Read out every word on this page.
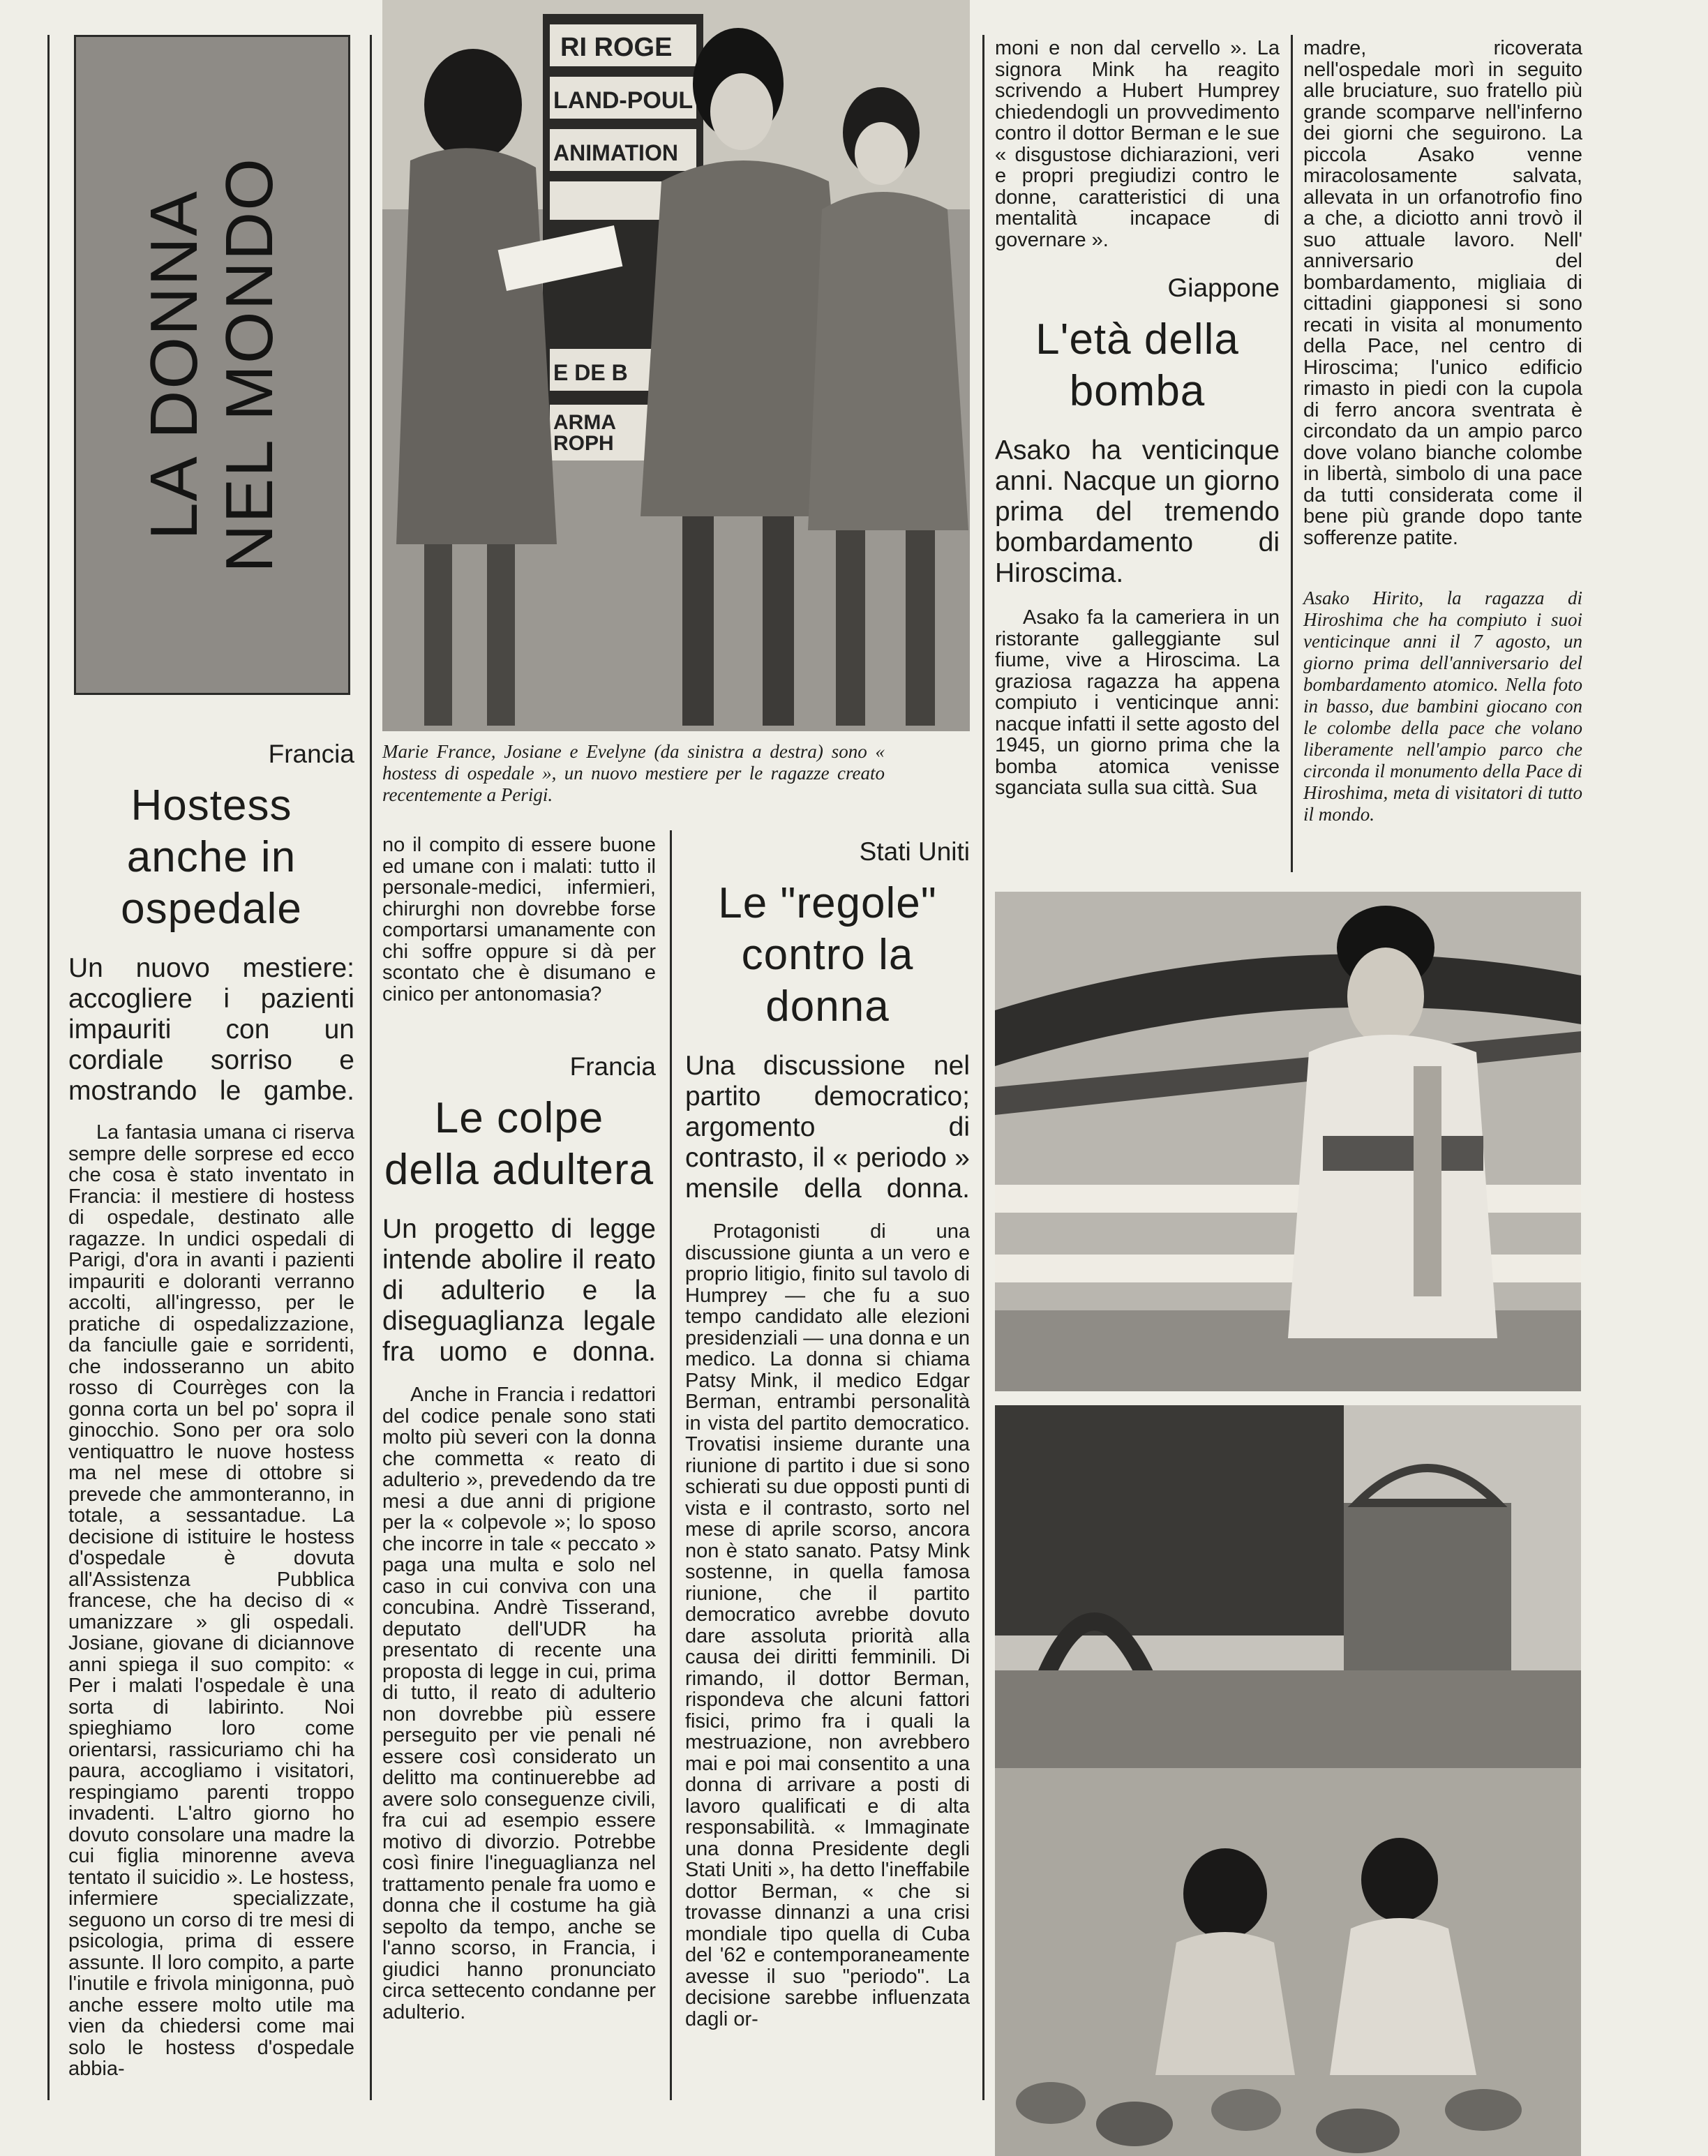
LA DONNA NEL MONDO
RI ROGE
LAND-POUL
ANIMATION
E DE B
ARMA
ROPH
Marie France, Josiane e Evelyne (da sinistra a destra) sono « hostess di ospedale », un nuovo mestiere per le ragazze creato recentemente a Perigi.
Francia
Hostess anche in ospedale
Un nuovo mestiere: accogliere i pazienti impauriti con un cordiale sorriso e mostrando le gambe.

La fantasia umana ci riserva sempre delle sorprese ed ecco che cosa è stato inventato in Francia: il mestiere di hostess di ospedale, destinato alle ragazze. In undici ospedali di Parigi, d'ora in avanti i pazienti impauriti e doloranti verranno accolti, all'ingresso, per le pratiche di ospedalizzazione, da fanciulle gaie e sorridenti, che indosseranno un abito rosso di Courrèges con la gonna corta un bel po' sopra il ginocchio. Sono per ora solo ventiquattro le nuove hostess ma nel mese di ottobre si prevede che ammonteranno, in totale, a sessantadue. La decisione di istituire le hostess d'ospedale è dovuta all'Assistenza Pubblica francese, che ha deciso di « umanizzare » gli ospedali. Josiane, giovane di diciannove anni spiega il suo compito: « Per i malati l'ospedale è una sorta di labirinto. Noi spieghiamo loro come orientarsi, rassicuriamo chi ha paura, accogliamo i visitatori, respingiamo parenti troppo invadenti. L'altro giorno ho dovuto consolare una madre la cui figlia minorenne aveva tentato il suicidio ». Le hostess, infermiere specializzate, seguono un corso di tre mesi di psicologia, prima di essere assunte. Il loro compito, a parte l'inutile e frivola minigonna, può anche essere molto utile ma vien da chiedersi come mai solo le hostess d'ospedale abbia-

no il compito di essere buone ed umane con i malati: tutto il personale-medici, infermieri, chirurghi non dovrebbe forse comportarsi umanamente con chi soffre oppure si dà per scontato che è disumano e cinico per antonomasia?

Francia
Le colpe della adultera
Un progetto di legge intende abolire il reato di adulterio e la diseguaglianza legale fra uomo e donna.

Anche in Francia i redattori del codice penale sono stati molto più severi con la donna che commetta « reato di adulterio », prevedendo da tre mesi a due anni di prigione per la « colpevole »; lo sposo che incorre in tale « peccato » paga una multa e solo nel caso in cui conviva con una concubina. Andrè Tisserand, deputato dell'UDR ha presentato di recente una proposta di legge in cui, prima di tutto, il reato di adulterio non dovrebbe più essere perseguito per vie penali né essere così considerato un delitto ma continuerebbe ad avere solo conseguenze civili, fra cui ad esempio essere motivo di divorzio. Potrebbe così finire l'ineguaglianza nel trattamento penale fra uomo e donna che il costume ha già sepolto da tempo, anche se l'anno scorso, in Francia, i giudici hanno pronunciato circa settecento condanne per adulterio.

Stati Uniti
Le "regole" contro la donna
Una discussione nel partito democratico; argomento di contrasto, il « periodo » mensile della donna.

Protagonisti di una discussione giunta a un vero e proprio litigio, finito sul tavolo di Humprey — che fu a suo tempo candidato alle elezioni presidenziali — una donna e un medico. La donna si chiama Patsy Mink, il medico Edgar Berman, entrambi personalità in vista del partito democratico. Trovatisi insieme durante una riunione di partito i due si sono schierati su due opposti punti di vista e il contrasto, sorto nel mese di aprile scorso, ancora non è stato sanato. Patsy Mink sostenne, in quella famosa riunione, che il partito democratico avrebbe dovuto dare assoluta priorità alla causa dei diritti femminili. Di rimando, il dottor Berman, rispondeva che alcuni fattori fisici, primo fra i quali la mestruazione, non avrebbero mai e poi mai consentito a una donna di arrivare a posti di lavoro qualificati e di alta responsabilità. « Immaginate una donna Presidente degli Stati Uniti », ha detto l'ineffabile dottor Berman, « che si trovasse dinnanzi a una crisi mondiale tipo quella di Cuba del '62 e contemporaneamente avesse il suo "periodo". La decisione sarebbe influenzata dagli or-

moni e non dal cervello ». La signora Mink ha reagito scrivendo a Hubert Humprey chiedendogli un provvedimento contro il dottor Berman e le sue « disgustose dichiarazioni, veri e propri pregiudizi contro le donne, caratteristici di una mentalità incapace di governare ».

Giappone
L'età della bomba
Asako ha venticinque anni. Nacque un giorno prima del tremendo bombardamento di Hiroscima.

Asako fa la cameriera in un ristorante galleggiante sul fiume, vive a Hiroscima. La graziosa ragazza ha appena compiuto i venticinque anni: nacque infatti il sette agosto del 1945, un giorno prima che la bomba atomica venisse sganciata sulla sua città. Sua

madre, ricoverata nell'ospedale morì in seguito alle bruciature, suo fratello più grande scomparve nell'inferno dei giorni che seguirono. La piccola Asako venne miracolosamente salvata, allevata in un orfanotrofio fino a che, a diciotto anni trovò il suo attuale lavoro. Nell' anniversario del bombardamento, migliaia di cittadini giapponesi si sono recati in visita al monumento della Pace, nel centro di Hiroscima; l'unico edificio rimasto in piedi con la cupola di ferro ancora sventrata è circondato da un ampio parco dove volano bianche colombe in libertà, simbolo di una pace da tutti considerata come il bene più grande dopo tante sofferenze patite.

Asako Hirito, la ragazza di Hiroshima che ha compiuto i suoi venticinque anni il 7 agosto, un giorno prima dell'anniversario del bombardamento atomico. Nella foto in basso, due bambini giocano con le colombe della pace che volano liberamente nell'ampio parco che circonda il monumento della Pace di Hiroshima, meta di visitatori di tutto il mondo.
